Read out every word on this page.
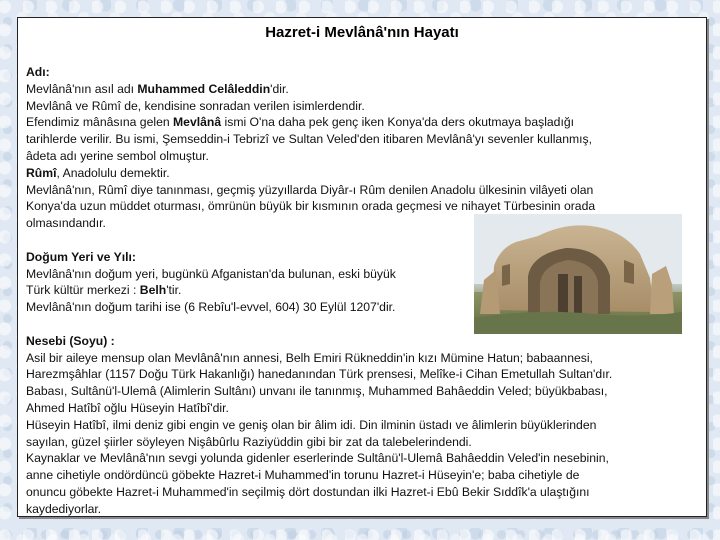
Hazret-i Mevlânâ'nın Hayatı
Adı:
Mevlânâ'nın asıl adı Muhammed Celâleddin'dir.
Mevlânâ ve Rûmî de, kendisine sonradan verilen isimlerdendir.
Efendimiz mânâsına gelen Mevlânâ ismi O'na daha pek genç iken Konya'da ders okutmaya başladığı
tarihlerde verilir. Bu ismi, Şemseddin-i Tebrizî ve Sultan Veled'den itibaren Mevlânâ'yı sevenler kullanmış,
âdeta adı yerine sembol olmuştur.
Rûmî, Anadolulu demektir.
Mevlânâ'nın, Rûmî diye tanınması, geçmiş yüzyıllarda Diyâr-ı Rûm denilen Anadolu ülkesinin vilâyeti olan
Konya'da uzun müddet oturması, ömrünün büyük bir kısmının orada geçmesi ve nihayet Türbesinin orada
olmasındandır.
Doğum Yeri ve Yılı:
Mevlânâ'nın doğum yeri, bugünkü Afganistan'da bulunan, eski büyük
Türk kültür merkezi : Belh'tir.
Mevlânâ'nın doğum tarihi ise (6 Rebîu'l-evvel, 604) 30 Eylül 1207'dir.
Nesebi (Soyu) :
Asil bir aileye mensup olan Mevlânâ'nın annesi, Belh Emiri Rükneddin'in kızı Mümine Hatun; babaannesi,
Harezmşâhlar (1157 Doğu Türk Hakanlığı) hanedanından Türk prensesi, Melîke-i Cihan Emetullah Sultan'dır.
Babası, Sultânü'l-Ulemâ (Alimlerin Sultânı) unvanı ile tanınmış, Muhammed Bahâeddin Veled; büyükbabası,
Ahmed Hatîbî oğlu Hüseyin Hatîbî'dir.
Hüseyin Hatîbî, ilmi deniz gibi engin ve geniş olan bir âlim idi. Din ilminin üstadı ve âlimlerin büyüklerinden
sayılan, güzel şiirler söyleyen Nişâbûrlu Raziyüddin gibi bir zat da talebelerindendi.
Kaynaklar ve Mevlânâ'nın sevgi yolunda gidenler eserlerinde Sultânü'l-Ulemâ Bahâeddin Veled'in nesebinin,
anne cihetiyle ondördüncü göbekte Hazret-i Muhammed'in torunu Hazret-i Hüseyin'e; baba cihetiyle de
onuncu göbekte Hazret-i Muhammed'in seçilmiş dört dostundan ilki Hazret-i Ebû Bekir Sıddîk'a ulaştığını
kaydediyorlar.
